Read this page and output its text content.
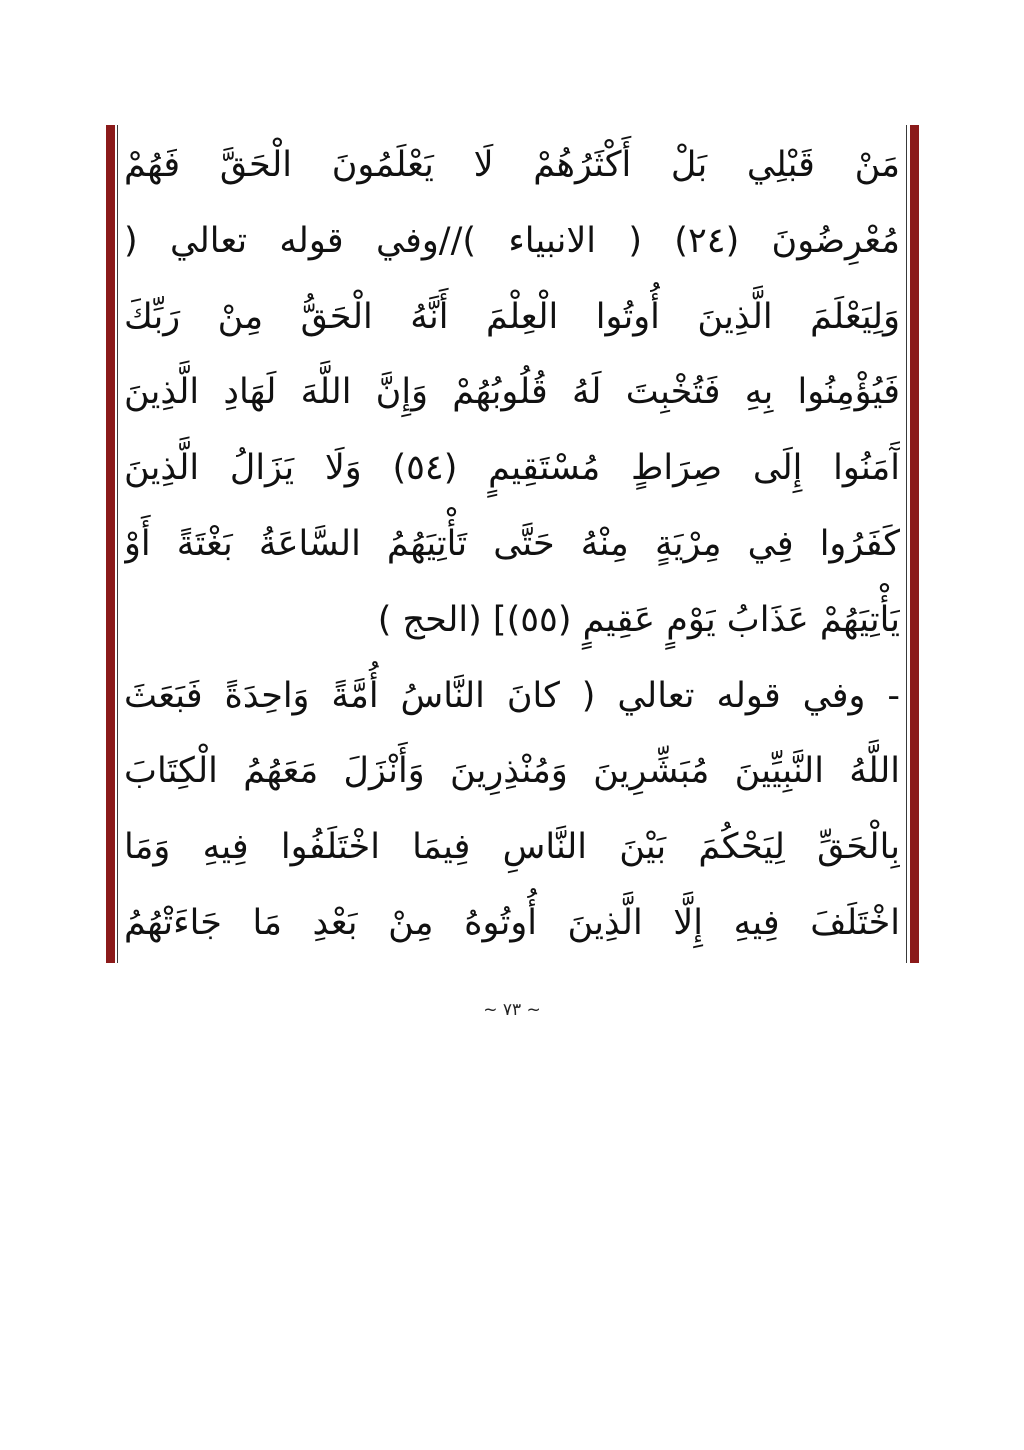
مَنْ قَبْلِي بَلْ أَكْثَرُهُمْ لَا يَعْلَمُونَ الْحَقَّ فَهُمْ
مُعْرِضُونَ (٢٤) ( الانبياء )//وفي قوله تعالي (
وَلِيَعْلَمَ الَّذِينَ أُوتُوا الْعِلْمَ أَنَّهُ الْحَقُّ مِنْ رَبِّكَ
فَيُؤْمِنُوا بِهِ فَتُخْبِتَ لَهُ قُلُوبُهُمْ وَإِنَّ اللَّهَ لَهَادِ الَّذِينَ
آَمَنُوا إِلَى صِرَاطٍ مُسْتَقِيمٍ (٥٤) وَلَا يَزَالُ الَّذِينَ
كَفَرُوا فِي مِرْيَةٍ مِنْهُ حَتَّى تَأْتِيَهُمُ السَّاعَةُ بَغْتَةً أَوْ
يَأْتِيَهُمْ عَذَابُ يَوْمٍ عَقِيمٍ (٥٥)] (الحج )
- وفي قوله تعالي ( كانَ النَّاسُ أُمَّةً وَاحِدَةً فَبَعَثَ
اللَّهُ النَّبِيِّينَ مُبَشِّرِينَ وَمُنْذِرِينَ وَأَنْزَلَ مَعَهُمُ الْكِتَابَ
بِالْحَقِّ لِيَحْكُمَ بَيْنَ النَّاسِ فِيمَا اخْتَلَفُوا فِيهِ وَمَا
اخْتَلَفَ فِيهِ إِلَّا الَّذِينَ أُوتُوهُ مِنْ بَعْدِ مَا جَاءَتْهُمُ
~ ٧٣ ~
